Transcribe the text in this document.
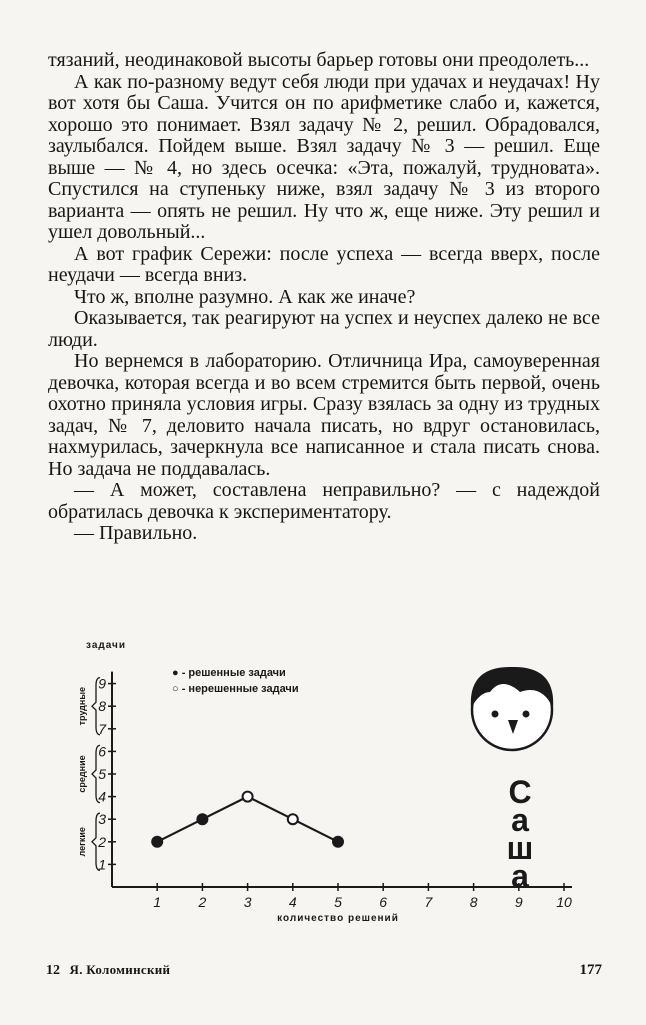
тязаний, неодинаковой высоты барьер готовы они преодолеть...

А как по-разному ведут себя люди при удачах и неудачах! Ну вот хотя бы Саша. Учится он по арифметике слабо и, кажется, хорошо это понимает. Взял задачу № 2, решил. Обрадовался, заулыбался. Пойдем выше. Взял задачу № 3 — решил. Еще выше — № 4, но здесь осечка: «Эта, пожалуй, трудновата». Спустился на ступеньку ниже, взял задачу № 3 из второго варианта — опять не решил. Ну что ж, еще ниже. Эту решил и ушел довольный...

А вот график Сережи: после успеха — всегда вверх, после неудачи — всегда вниз.

Что ж, вполне разумно. А как же иначе?

Оказывается, так реагируют на успех и неуспех далеко не все люди.

Но вернемся в лабораторию. Отличница Ира, самоуверенная девочка, которая всегда и во всем стремится быть первой, очень охотно приняла условия игры. Сразу взялась за одну из трудных задач, № 7, деловито начала писать, но вдруг остановилась, нахмурилась, зачеркнула все написанное и стала писать снова. Но задача не поддавалась.

— А может, составлена неправильно? — с надеждой обратилась девочка к экспериментатору.

— Правильно.

задачи
1
2
3
4
5
6
7
8
9
легкие
средние
трудные
1	2	3	4	5	6	7	8	9 10
количество решений
● - решенные задачи
○ - нерешенные задачи
С
а
ш
а
12 Я. Коломинский	177
